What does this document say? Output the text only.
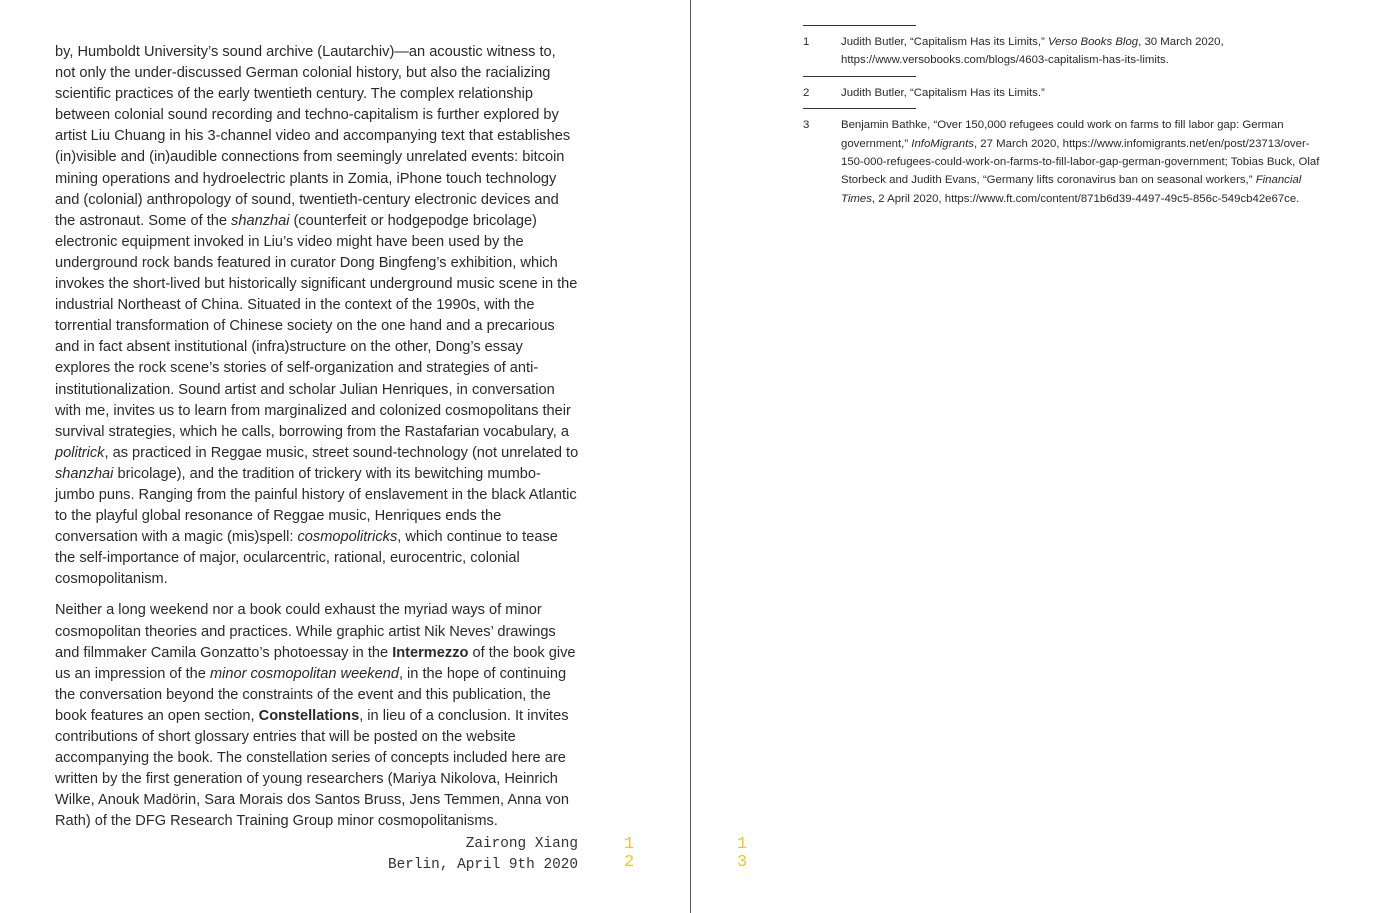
by, Humboldt University’s sound archive (Lautarchiv)—an acoustic witness to, not only the under-discussed German colonial history, but also the racializing scientific practices of the early twentieth century. The complex relationship between colonial sound recording and techno-capitalism is further explored by artist Liu Chuang in his 3-channel video and accompanying text that establishes (in)visible and (in)audible connections from seemingly unrelated events: bitcoin mining operations and hydroelectric plants in Zomia, iPhone touch technology and (colonial) anthropology of sound, twentieth-century electronic devices and the astronaut. Some of the shanzhai (counterfeit or hodgepodge bricolage) electronic equipment invoked in Liu’s video might have been used by the underground rock bands featured in curator Dong Bingfeng’s exhibition, which invokes the short-lived but historically significant underground music scene in the industrial Northeast of China. Situated in the context of the 1990s, with the torrential transformation of Chinese society on the one hand and a precarious and in fact absent institutional (infra)structure on the other, Dong’s essay explores the rock scene’s stories of self-organization and strategies of anti-institutionalization. Sound artist and scholar Julian Henriques, in conversation with me, invites us to learn from marginalized and colonized cosmopolitans their survival strategies, which he calls, borrowing from the Rastafarian vocabulary, a politrick, as practiced in Reggae music, street sound-technology (not unrelated to shanzhai bricolage), and the tradition of trickery with its bewitching mumbo-jumbo puns. Ranging from the painful history of enslavement in the black Atlantic to the playful global resonance of Reggae music, Henriques ends the conversation with a magic (mis)spell: cosmopolitricks, which continue to tease the self-importance of major, ocularcentric, rational, eurocentric, colonial cosmopolitanism.

Neither a long weekend nor a book could exhaust the myriad ways of minor cosmopolitan theories and practices. While graphic artist Nik Neves’ drawings and filmmaker Camila Gonzatto’s photoessay in the Intermezzo of the book give us an impression of the minor cosmopolitan weekend, in the hope of continuing the conversation beyond the constraints of the event and this publication, the book features an open section, Constellations, in lieu of a conclusion. It invites contributions of short glossary entries that will be posted on the website accompanying the book. The constellation series of concepts included here are written by the first generation of young researchers (Mariya Nikolova, Heinrich Wilke, Anouk Madörin, Sara Morais dos Santos Bruss, Jens Temmen, Anna von Rath) of the DFG Research Training Group minor cosmopolitanisms.

Zairong Xiang
Berlin, April 9th 2020
1
2
1
3
1	Judith Butler, “Capitalism Has its Limits,” Verso Books Blog, 30 March 2020, https://www.versobooks.com/blogs/4603-capitalism-has-its-limits.
2	Judith Butler, “Capitalism Has its Limits.”
3	Benjamin Bathke, “Over 150,000 refugees could work on farms to fill labor gap: German government,” InfoMigrants, 27 March 2020, https://www.infomigrants.net/en/post/23713/over-150-000-refugees-could-work-on-farms-to-fill-labor-gap-german-government; Tobias Buck, Olaf Storbeck and Judith Evans, “Germany lifts coronavirus ban on seasonal workers,” Financial Times, 2 April 2020, https://www.ft.com/content/871b6d39-4497-49c5-856c-549cb42e67ce.
